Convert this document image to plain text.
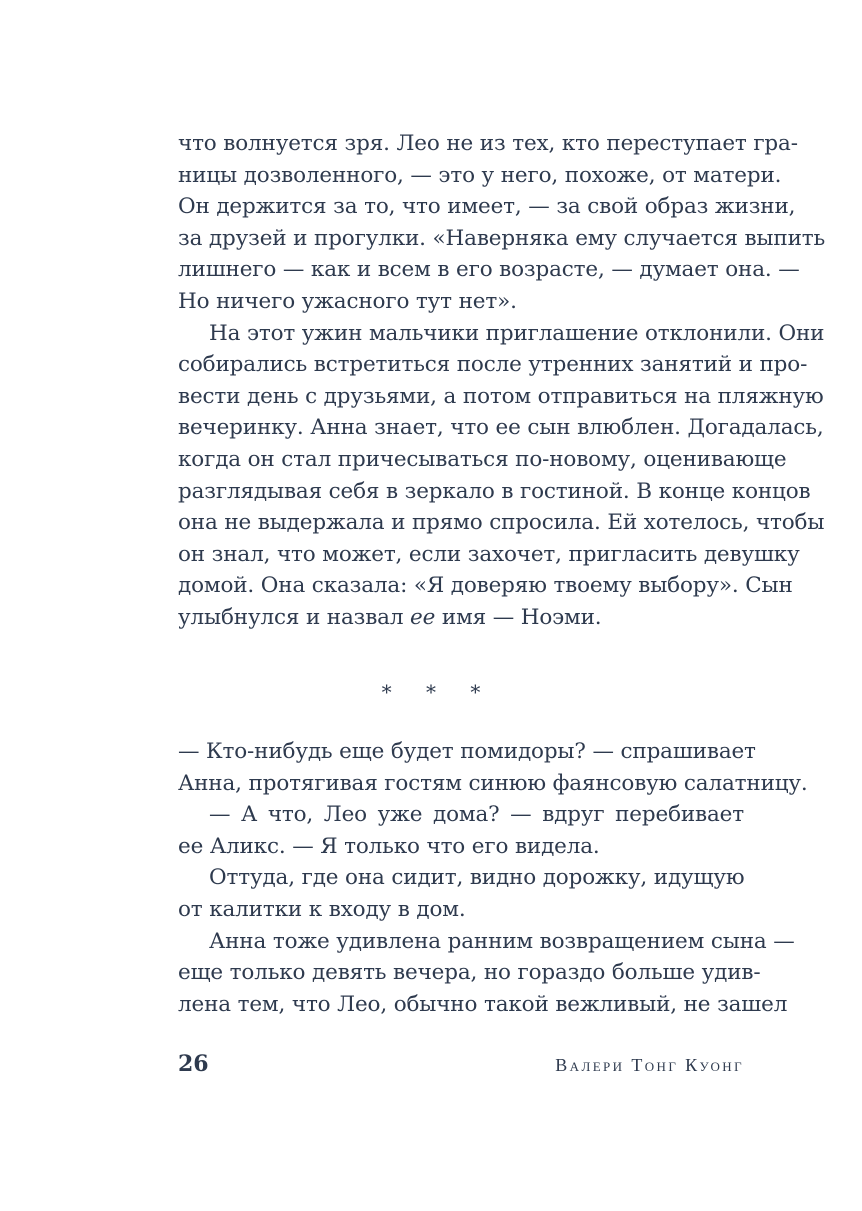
что волнуется зря. Лео не из тех, кто переступает гра-
ницы дозволенного, — это у него, похоже, от матери.
Он держится за то, что имеет, — за свой образ жизни,
за друзей и прогулки. «Наверняка ему случается выпить
лишнего — как и всем в его возрасте, — думает она. —
Но ничего ужасного тут нет».
На этот ужин мальчики приглашение отклонили. Они
собирались встретиться после утренних занятий и про-
вести день с друзьями, а потом отправиться на пляжную
вечеринку. Анна знает, что ее сын влюблен. Догадалась,
когда он стал причесываться по-новому, оценивающе
разглядывая себя в зеркало в гостиной. В конце концов
она не выдержала и прямо спросила. Ей хотелось, чтобы
он знал, что может, если захочет, пригласить девушку
домой. Она сказала: «Я доверяю твоему выбору». Сын
улыбнулся и назвал ее имя — Ноэми.
* * *
— Кто-нибудь еще будет помидоры? — спрашивает
Анна, протягивая гостям синюю фаянсовую салатницу.
— А что, Лео уже дома? — вдруг перебивает
ее Аликс. — Я только что его видела.
Оттуда, где она сидит, видно дорожку, идущую
от калитки к входу в дом.
Анна тоже удивлена ранним возвращением сына —
еще только девять вечера, но гораздо больше удив-
лена тем, что Лео, обычно такой вежливый, не зашел
26	Валери Тонг Куонг
